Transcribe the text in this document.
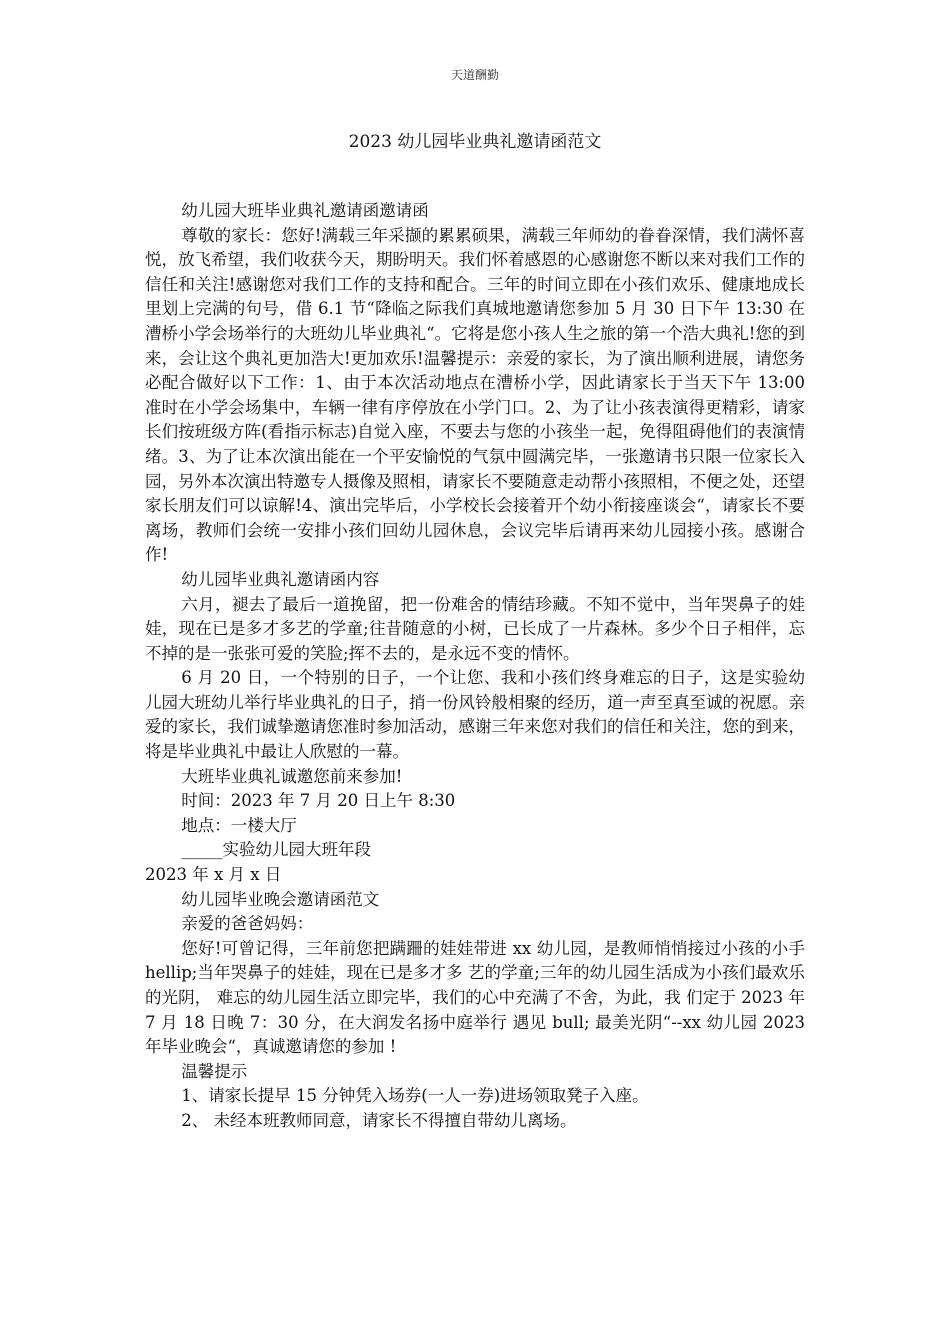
天道酬勤
2023 幼儿园毕业典礼邀请函范文

幼儿园大班毕业典礼邀请函邀请函

尊敬的家长：您好!满载三年采撷的累累硕果，满载三年师幼的眷眷深情，我们满怀喜悦，放飞希望，我们收获今天，期盼明天。我们怀着感恩的心感谢您不断以来对我们工作的信任和关注!感谢您对我们工作的支持和配合。三年的时间立即在小孩们欢乐、健康地成长里划上完满的句号，借 6.1 节“降临之际我们真城地邀请您参加 5 月 30 日下午 13:30 在漕桥小学会场举行的大班幼儿毕业典礼“。它将是您小孩人生之旅的第一个浩大典礼!您的到来，会让这个典礼更加浩大!更加欢乐!温馨提示：亲爱的家长，为了演出顺利进展，请您务必配合做好以下工作：1、由于本次活动地点在漕桥小学，因此请家长于当天下午 13:00 准时在小学会场集中，车辆一律有序停放在小学门口。2、为了让小孩表演得更精彩，请家长们按班级方阵(看指示标志)自觉入座，不要去与您的小孩坐一起，免得阻碍他们的表演情绪。3、为了让本次演出能在一个平安愉悦的气氛中圆满完毕，一张邀请书只限一位家长入园，另外本次演出特邀专人摄像及照相，请家长不要随意走动帮小孩照相，不便之处，还望家长朋友们可以谅解!4、演出完毕后，小学校长会接着开个幼小衔接座谈会“，请家长不要离场，教师们会统一安排小孩们回幼儿园休息，会议完毕后请再来幼儿园接小孩。感谢合作!

幼儿园毕业典礼邀请函内容

六月，褪去了最后一道挽留，把一份难舍的情结珍藏。不知不觉中，当年哭鼻子的娃娃，现在已是多才多艺的学童;往昔随意的小树，已长成了一片森林。多少个日子相伴，忘不掉的是一张张可爱的笑脸;挥不去的，是永远不变的情怀。

6 月 20 日，一个特别的日子，一个让您、我和小孩们终身难忘的日子，这是实验幼儿园大班幼儿举行毕业典礼的日子，捎一份风铃般相聚的经历，道一声至真至诚的祝愿。亲爱的家长，我们诚挚邀请您准时参加活动，感谢三年来您对我们的信任和关注，您的到来，将是毕业典礼中最让人欣慰的一幕。

大班毕业典礼诚邀您前来参加!

时间：2023 年 7 月 20 日上午 8:30

地点：一楼大厅

_____实验幼儿园大班年段

2023 年 x 月 x 日

幼儿园毕业晚会邀请函范文

亲爱的爸爸妈妈：

您好!可曾记得，三年前您把蹒跚的娃娃带进 xx 幼儿园，是教师悄悄接过小孩的小手 hellip;当年哭鼻子的娃娃，现在已是多才多 艺的学童;三年的幼儿园生活成为小孩们最欢乐的光阴， 难忘的幼儿园生活立即完毕，我们的心中充满了不舍，为此，我 们定于 2023 年 7 月 18 日晚 7：30 分，在大润发名扬中庭举行 遇见 bull; 最美光阴“--xx 幼儿园 2023 年毕业晚会“，真诚邀请您的参加 !

温馨提示

1、请家长提早 15 分钟凭入场券(一人一券)进场领取凳子入座。

2、 未经本班教师同意，请家长不得擅自带幼儿离场。
